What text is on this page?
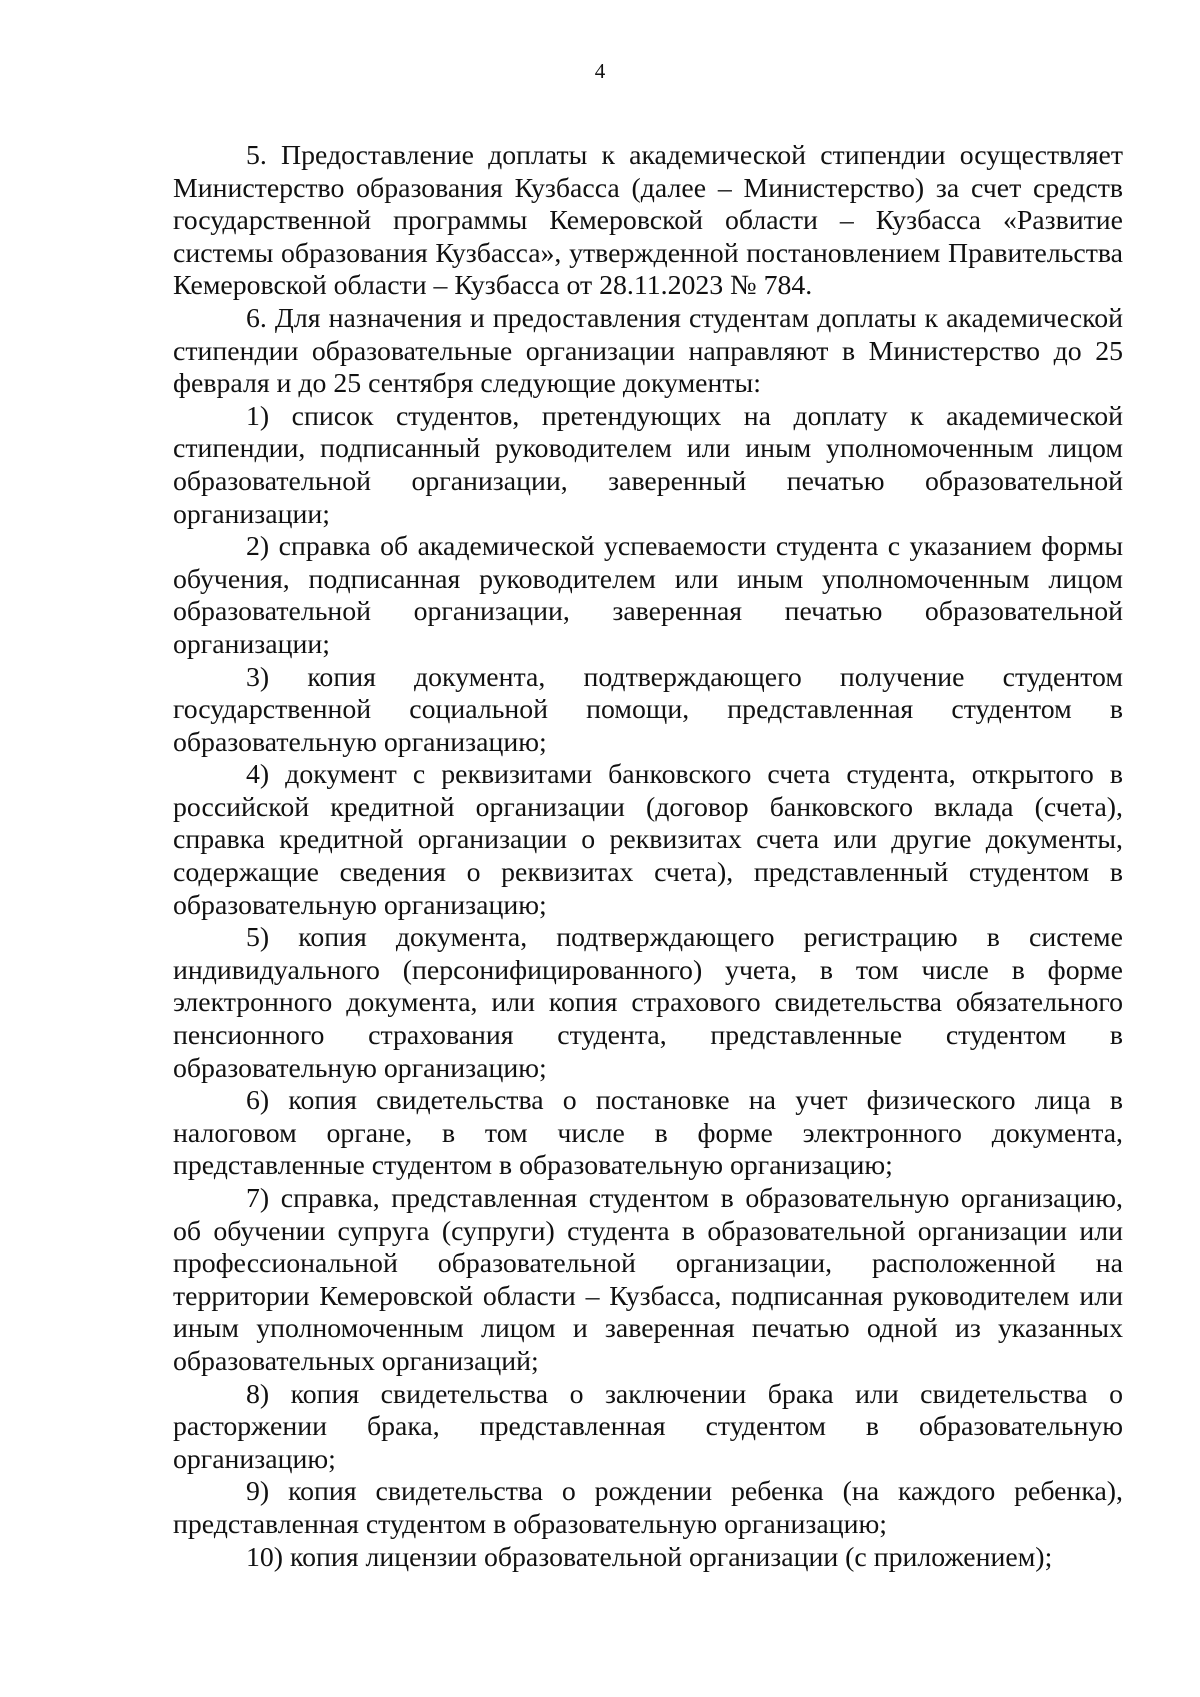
4

5. Предоставление доплаты к академической стипендии осуществляет Министерство образования Кузбасса (далее – Министерство) за счет средств государственной программы Кемеровской области – Кузбасса «Развитие системы образования Кузбасса», утвержденной постановлением Правительства Кемеровской области – Кузбасса от 28.11.2023 № 784.

6. Для назначения и предоставления студентам доплаты к академической стипендии образовательные организации направляют в Министерство до 25 февраля и до 25 сентября следующие документы:

1) список студентов, претендующих на доплату к академической стипендии, подписанный руководителем или иным уполномоченным лицом образовательной организации, заверенный печатью образовательной организации;

2) справка об академической успеваемости студента с указанием формы обучения, подписанная руководителем или иным уполномоченным лицом образовательной организации, заверенная печатью образовательной организации;

3) копия документа, подтверждающего получение студентом государственной социальной помощи, представленная студентом в образовательную организацию;

4) документ с реквизитами банковского счета студента, открытого в российской кредитной организации (договор банковского вклада (счета), справка кредитной организации о реквизитах счета или другие документы, содержащие сведения о реквизитах счета), представленный студентом в образовательную организацию;

5) копия документа, подтверждающего регистрацию в системе индивидуального (персонифицированного) учета, в том числе в форме электронного документа, или копия страхового свидетельства обязательного пенсионного страхования студента, представленные студентом в образовательную организацию;

6) копия свидетельства о постановке на учет физического лица в налоговом органе, в том числе в форме электронного документа, представленные студентом в образовательную организацию;

7) справка, представленная студентом в образовательную организацию, об обучении супруга (супруги) студента в образовательной организации или профессиональной образовательной организации, расположенной на территории Кемеровской области – Кузбасса, подписанная руководителем или иным уполномоченным лицом и заверенная печатью одной из указанных образовательных организаций;

8) копия свидетельства о заключении брака или свидетельства о расторжении брака, представленная студентом в образовательную организацию;

9) копия свидетельства о рождении ребенка (на каждого ребенка), представленная студентом в образовательную организацию;

10) копия лицензии образовательной организации (с приложением);
